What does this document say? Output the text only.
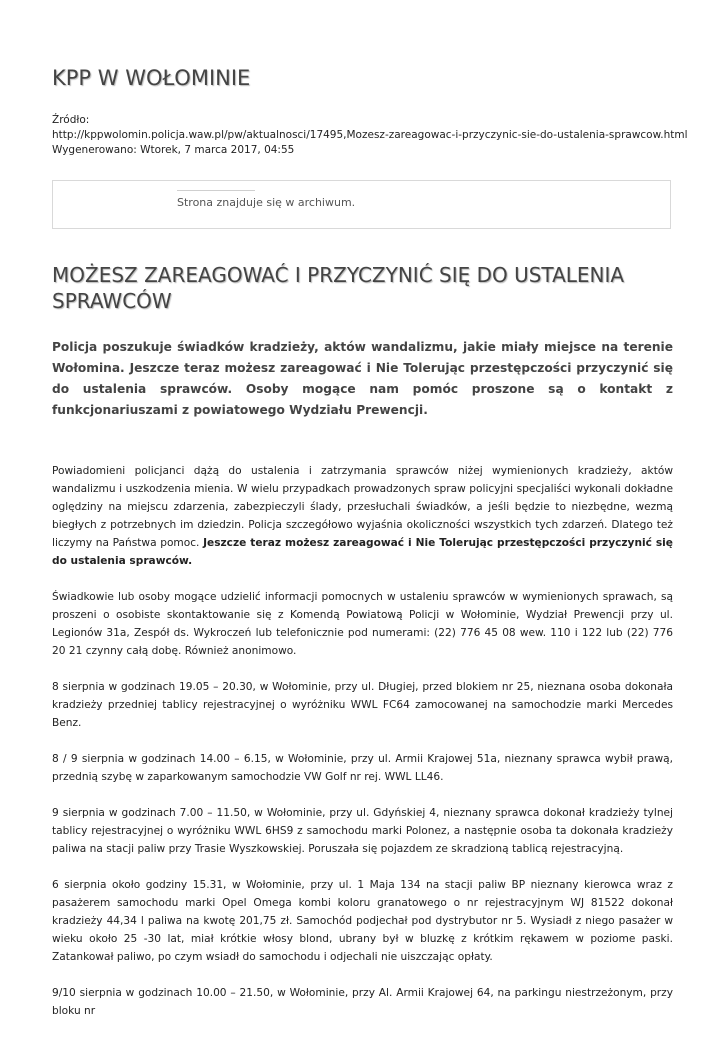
KPP W WOŁOMINIE
Źródło:
http://kppwolomin.policja.waw.pl/pw/aktualnosci/17495,Mozesz-zareagowac-i-przyczynic-sie-do-ustalenia-sprawcow.html
Wygenerowano: Wtorek, 7 marca 2017, 04:55
Strona znajduje się w archiwum.
MOŻESZ ZAREAGOWAĆ I PRZYCZYNIĆ SIĘ DO USTALENIA SPRAWCÓW

Policja poszukuje świadków kradzieży, aktów wandalizmu, jakie miały miejsce na terenie Wołomina. Jeszcze teraz możesz zareagować i Nie Tolerując przestępczości przyczynić się do ustalenia sprawców. Osoby mogące nam pomóc proszone są o kontakt z funkcjonariuszami z powiatowego Wydziału Prewencji.

Powiadomieni policjanci dążą do ustalenia i zatrzymania sprawców niżej wymienionych kradzieży, aktów wandalizmu i uszkodzenia mienia. W wielu przypadkach prowadzonych spraw policyjni specjaliści wykonali dokładne oględziny na miejscu zdarzenia, zabezpieczyli ślady, przesłuchali świadków, a jeśli będzie to niezbędne, wezmą biegłych z potrzebnych im dziedzin. Policja szczegółowo wyjaśnia okoliczności wszystkich tych zdarzeń. Dlatego też liczymy na Państwa pomoc. Jeszcze teraz możesz zareagować i Nie Tolerując przestępczości przyczynić się do ustalenia sprawców.

Świadkowie lub osoby mogące udzielić informacji pomocnych w ustaleniu sprawców w wymienionych sprawach, są proszeni o osobiste skontaktowanie się z Komendą Powiatową Policji w Wołominie, Wydział Prewencji przy ul. Legionów 31a, Zespół ds. Wykroczeń lub telefonicznie pod numerami: (22) 776 45 08 wew. 110 i 122 lub (22) 776 20 21 czynny całą dobę. Również anonimowo.

8 sierpnia w godzinach 19.05 – 20.30, w Wołominie, przy ul. Długiej, przed blokiem nr 25, nieznana osoba dokonała kradzieży przedniej tablicy rejestracyjnej o wyróżniku WWL FC64 zamocowanej na samochodzie marki Mercedes Benz.

8 / 9 sierpnia w godzinach 14.00 – 6.15, w Wołominie, przy ul. Armii Krajowej 51a, nieznany sprawca wybił prawą, przednią szybę w zaparkowanym samochodzie VW Golf nr rej. WWL LL46.

9 sierpnia w godzinach 7.00 – 11.50, w Wołominie, przy ul. Gdyńskiej 4, nieznany sprawca dokonał kradzieży tylnej tablicy rejestracyjnej o wyróżniku WWL 6HS9 z samochodu marki Polonez, a następnie osoba ta dokonała kradzieży paliwa na stacji paliw przy Trasie Wyszkowskiej. Poruszała się pojazdem ze skradzioną tablicą rejestracyjną.

6 sierpnia około godziny 15.31, w Wołominie, przy ul. 1 Maja 134 na stacji paliw BP nieznany kierowca wraz z pasażerem samochodu marki Opel Omega kombi koloru granatowego o nr rejestracyjnym WJ 81522 dokonał kradzieży 44,34 l paliwa na kwotę 201,75 zł. Samochód podjechał pod dystrybutor nr 5. Wysiadł z niego pasażer w wieku około 25 -30 lat, miał krótkie włosy blond, ubrany był w bluzkę z krótkim rękawem w poziome paski. Zatankował paliwo, po czym wsiadł do samochodu i odjechali nie uiszczając opłaty.

9/10 sierpnia w godzinach 10.00 – 21.50, w Wołominie, przy Al. Armii Krajowej 64, na parkingu niestrzeżonym, przy bloku nr
